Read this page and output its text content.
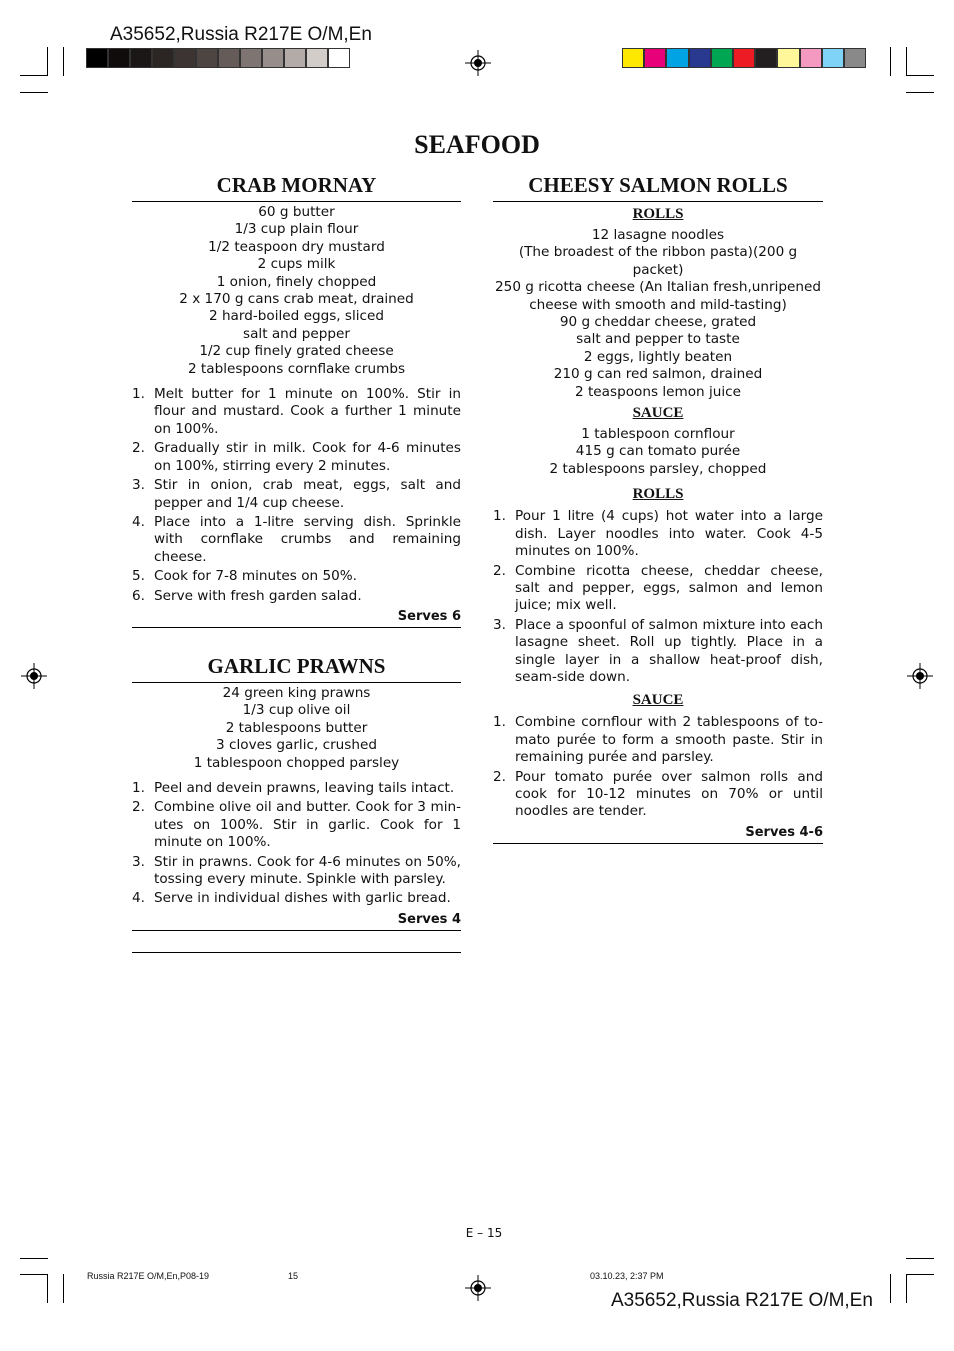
A35652,Russia R217E O/M,En
SEAFOOD
CRAB MORNAY
60 g butter
1/3 cup plain flour
1/2 teaspoon dry mustard
2 cups milk
1 onion, finely chopped
2 x 170 g cans crab meat, drained
2 hard-boiled eggs, sliced
salt and pepper
1/2 cup finely grated cheese
2 tablespoons cornflake crumbs
1. Melt butter for 1 minute on 100%. Stir in flour and mustard. Cook a further 1 minute on 100%.
2. Gradually stir in milk. Cook for 4-6 minutes on 100%, stirring every 2 minutes.
3. Stir in onion, crab meat, eggs, salt and pepper and 1/4 cup cheese.
4. Place into a 1-litre serving dish. Sprinkle with cornflake crumbs and remaining cheese.
5. Cook for 7-8 minutes on 50%.
6. Serve with fresh garden salad.
Serves 6
GARLIC PRAWNS
24 green king prawns
1/3 cup olive oil
2 tablespoons butter
3 cloves garlic, crushed
1 tablespoon chopped parsley
1. Peel and devein prawns, leaving tails intact.
2. Combine olive oil and butter. Cook for 3 min-utes on 100%. Stir in garlic. Cook for 1 minute on 100%.
3. Stir in prawns. Cook for 4-6 minutes on 50%, tossing every minute. Spinkle with parsley.
4. Serve in individual dishes with garlic bread.
Serves 4
CHEESY SALMON ROLLS
ROLLS
12 lasagne noodles
(The broadest of the ribbon pasta)(200 g packet)
250 g ricotta cheese (An Italian fresh,unripened
cheese with smooth and mild-tasting)
90 g cheddar cheese, grated
salt and pepper to taste
2 eggs, lightly beaten
210 g can red salmon, drained
2 teaspoons lemon juice
SAUCE
1 tablespoon cornflour
415 g can tomato purée
2 tablespoons parsley, chopped
ROLLS
1. Pour 1 litre (4 cups) hot water into a large dish. Layer noodles into water. Cook 4-5 minutes on 100%.
2. Combine ricotta cheese, cheddar cheese, salt and pepper, eggs, salmon and lemon juice; mix well.
3. Place a spoonful of salmon mixture into each lasagne sheet. Roll up tightly. Place in a single layer in a shallow heat-proof dish, seam-side down.
SAUCE
1. Combine cornflour with 2 tablespoons of to-mato purée to form a smooth paste. Stir in remaining purée and parsley.
2. Pour tomato purée over salmon rolls and cook for 10-12 minutes on 70% or until noodles are tender.
Serves 4-6
E – 15
Russia R217E O/M,En,P08-19	15	03.10.23, 2:37 PM
A35652,Russia R217E O/M,En
